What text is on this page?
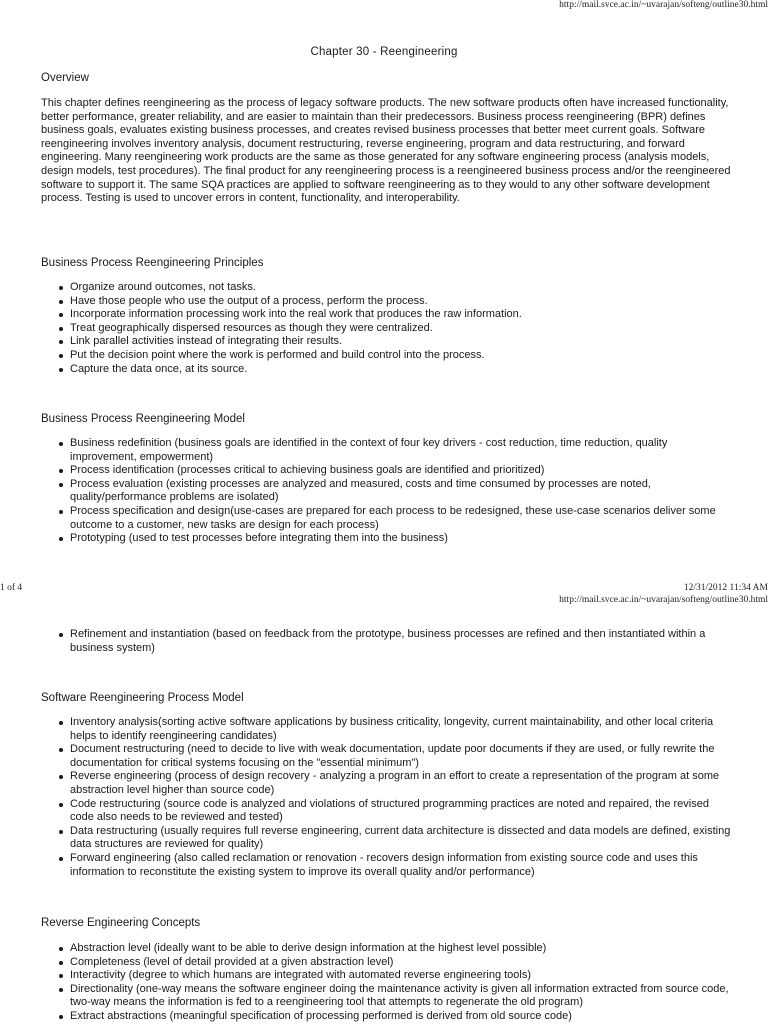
http://mail.svce.ac.in/~uvarajan/softeng/outline30.html
Chapter 30 - Reengineering
Overview

This chapter defines reengineering as the process of legacy software products. The new software products often have increased functionality, better performance, greater reliability, and are easier to maintain than their predecessors. Business process reengineering (BPR) defines business goals, evaluates existing business processes, and creates revised business processes that better meet current goals. Software reengineering involves inventory analysis, document restructuring, reverse engineering, program and data restructuring, and forward engineering. Many reengineering work products are the same as those generated for any software engineering process (analysis models, design models, test procedures). The final product for any reengineering process is a reengineered business process and/or the reengineered software to support it. The same SQA practices are applied to software reengineering as to they would to any other software development process. Testing is used to uncover errors in content, functionality, and interoperability.

Business Process Reengineering Principles
Organize around outcomes, not tasks.
Have those people who use the output of a process, perform the process.
Incorporate information processing work into the real work that produces the raw information.
Treat geographically dispersed resources as though they were centralized.
Link parallel activities instead of integrating their results.
Put the decision point where the work is performed and build control into the process.
Capture the data once, at its source.
Business Process Reengineering Model
Business redefinition (business goals are identified in the context of four key drivers - cost reduction, time reduction, quality improvement, empowerment)
Process identification (processes critical to achieving business goals are identified and prioritized)
Process evaluation (existing processes are analyzed and measured, costs and time consumed by processes are noted, quality/performance problems are isolated)
Process specification and design(use-cases are prepared for each process to be redesigned, these use-case scenarios deliver some outcome to a customer, new tasks are design for each process)
Prototyping (used to test processes before integrating them into the business)
1 of 4	12/31/2012 11:34 AM
http://mail.svce.ac.in/~uvarajan/softeng/outline30.html
Refinement and instantiation (based on feedback from the prototype, business processes are refined and then instantiated within a business system)
Software Reengineering Process Model
Inventory analysis(sorting active software applications by business criticality, longevity, current maintainability, and other local criteria helps to identify reengineering candidates)
Document restructuring (need to decide to live with weak documentation, update poor documents if they are used, or fully rewrite the documentation for critical systems focusing on the "essential minimum")
Reverse engineering (process of design recovery - analyzing a program in an effort to create a representation of the program at some abstraction level higher than source code)
Code restructuring (source code is analyzed and violations of structured programming practices are noted and repaired, the revised code also needs to be reviewed and tested)
Data restructuring (usually requires full reverse engineering, current data architecture is dissected and data models are defined, existing data structures are reviewed for quality)
Forward engineering (also called reclamation or renovation - recovers design information from existing source code and uses this information to reconstitute the existing system to improve its overall quality and/or performance)
Reverse Engineering Concepts
Abstraction level (ideally want to be able to derive design information at the highest level possible)
Completeness (level of detail provided at a given abstraction level)
Interactivity (degree to which humans are integrated with automated reverse engineering tools)
Directionality (one-way means the software engineer doing the maintenance activity is given all information extracted from source code, two-way means the information is fed to a reengineering tool that attempts to regenerate the old program)
Extract abstractions (meaningful specification of processing performed is derived from old source code)
